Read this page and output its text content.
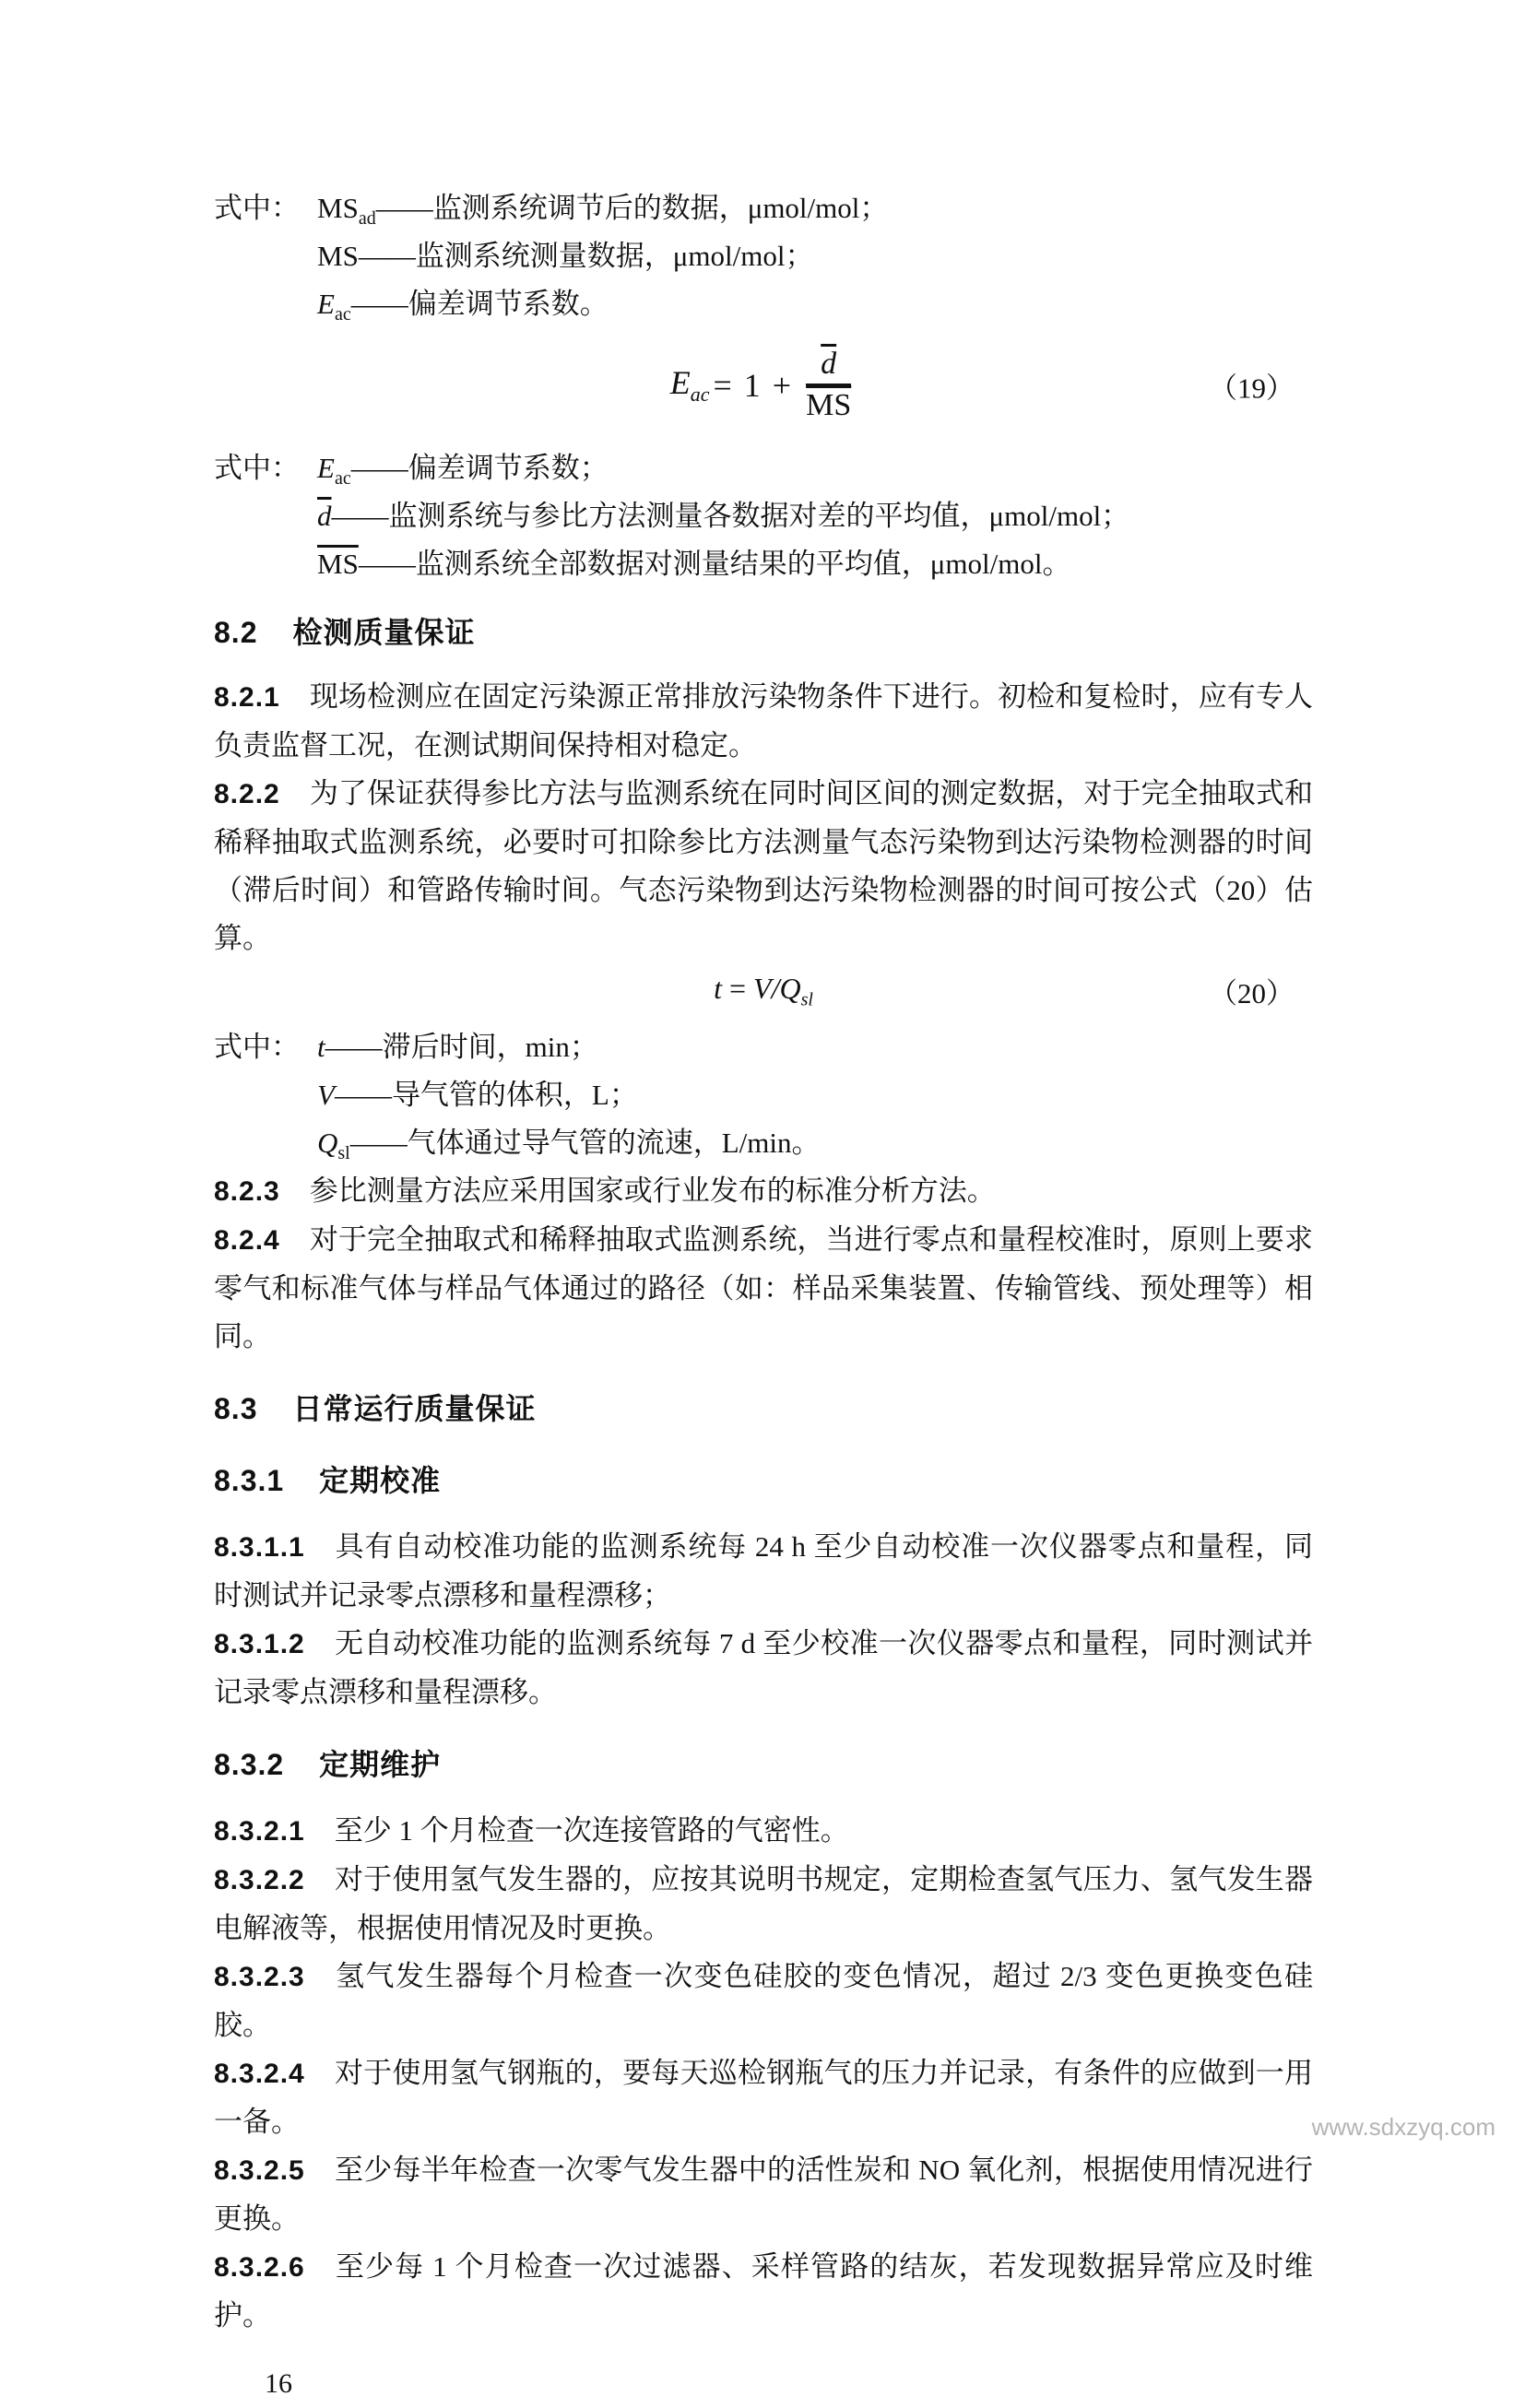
式中： $MS_{ad}$ ——监测系统调节后的数据，μmol/mol；
MS ——监测系统测量数据，μmol/mol；
$E_{ac}$ ——偏差调节系数。
$E_{ac} = 1 + \frac{\overline{d}}{MS}$	（19）
式中： $E_{ac}$ ——偏差调节系数；
$\overline{d}$ ——监测系统与参比方法测量各数据对差的平均值，μmol/mol；
$\overline{MS}$ ——监测系统全部数据对测量结果的平均值，μmol/mol。
8.2 检测质量保证

8.2.1 现场检测应在固定污染源正常排放污染物条件下进行。初检和复检时，应有专人负责监督工况，在测试期间保持相对稳定。

8.2.2 为了保证获得参比方法与监测系统在同时间区间的测定数据，对于完全抽取式和稀释抽取式监测系统，必要时可扣除参比方法测量气态污染物到达污染物检测器的时间（滞后时间）和管路传输时间。气态污染物到达污染物检测器的时间可按公式（20）估算。

$t = V/Q_{sl}$	（20）
式中： t ——滞后时间，min；
V ——导气管的体积，L；
$Q_{sl}$ ——气体通过导气管的流速，L/min。

8.2.3 参比测量方法应采用国家或行业发布的标准分析方法。

8.2.4 对于完全抽取式和稀释抽取式监测系统，当进行零点和量程校准时，原则上要求零气和标准气体与样品气体通过的路径（如：样品采集装置、传输管线、预处理等）相同。

8.3 日常运行质量保证
8.3.1 定期校准

8.3.1.1 具有自动校准功能的监测系统每 24 h 至少自动校准一次仪器零点和量程，同时测试并记录零点漂移和量程漂移；

8.3.1.2 无自动校准功能的监测系统每 7 d 至少校准一次仪器零点和量程，同时测试并记录零点漂移和量程漂移。

8.3.2 定期维护

8.3.2.1 至少 1 个月检查一次连接管路的气密性。

8.3.2.2 对于使用氢气发生器的，应按其说明书规定，定期检查氢气压力、氢气发生器电解液等，根据使用情况及时更换。

8.3.2.3 氢气发生器每个月检查一次变色硅胶的变色情况，超过 2/3 变色更换变色硅胶。

8.3.2.4 对于使用氢气钢瓶的，要每天巡检钢瓶气的压力并记录，有条件的应做到一用一备。

8.3.2.5 至少每半年检查一次零气发生器中的活性炭和 NO 氧化剂，根据使用情况进行更换。

8.3.2.6 至少每 1 个月检查一次过滤器、采样管路的结灰，若发现数据异常应及时维护。

16
www.sdxzyq.com
